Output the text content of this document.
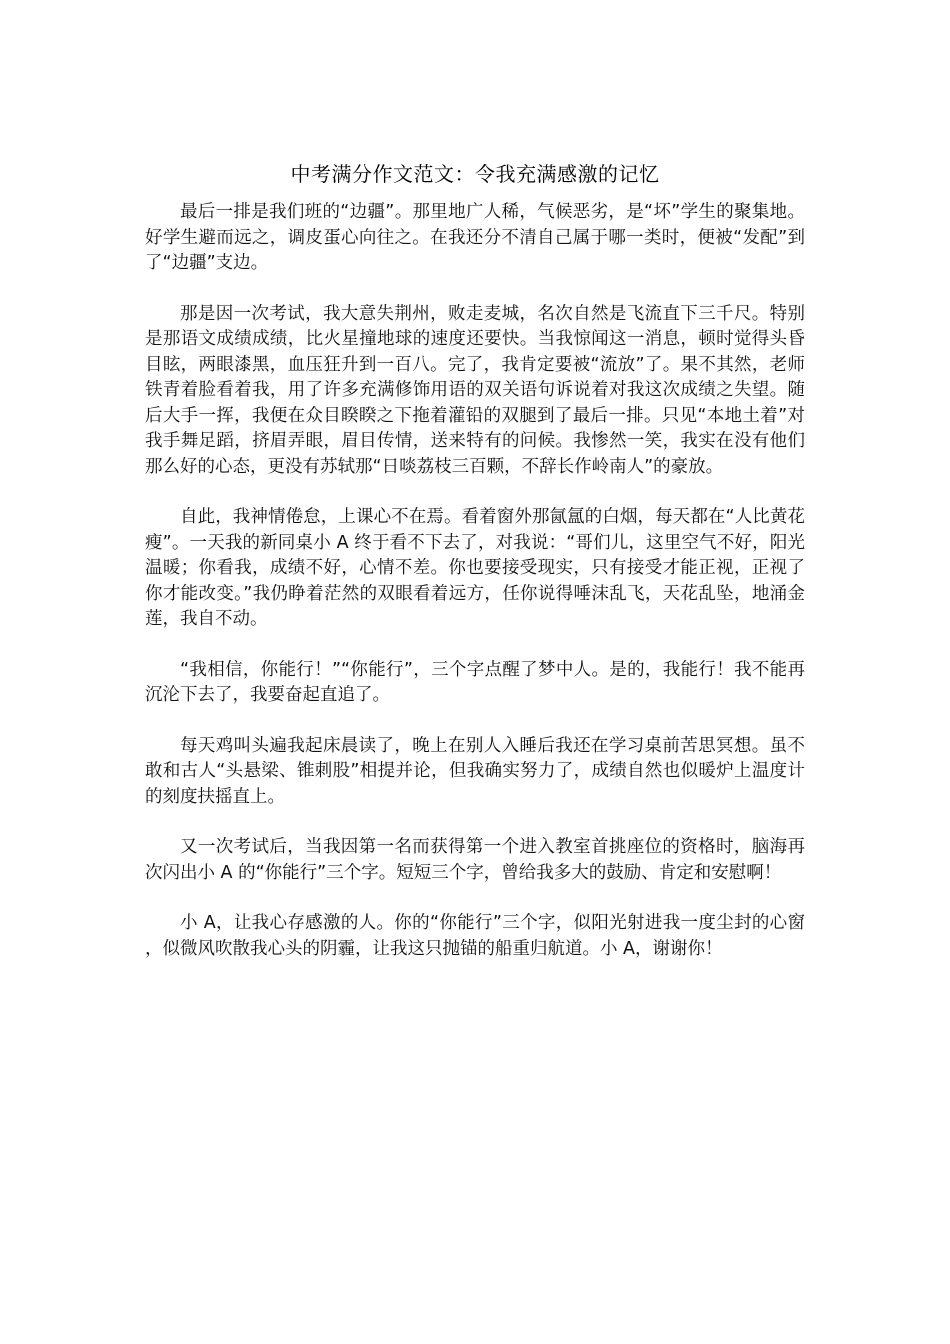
中考满分作文范文：令我充满感激的记忆

最后一排是我们班的“边疆”。那里地广人稀，气候恶劣，是“坏”学生的聚集地。好学生避而远之，调皮蛋心向往之。在我还分不清自己属于哪一类时，便被“发配”到了“边疆”支边。

那是因一次考试，我大意失荆州，败走麦城，名次自然是飞流直下三千尺。特别是那语文成绩成绩，比火星撞地球的速度还要快。当我惊闻这一消息，顿时觉得头昏目眩，两眼漆黑，血压狂升到一百八。完了，我肯定要被“流放”了。果不其然，老师铁青着脸看着我，用了许多充满修饰用语的双关语句诉说着对我这次成绩之失望。随后大手一挥，我便在众目睽睽之下拖着灌铅的双腿到了最后一排。只见“本地土着”对我手舞足蹈，挤眉弄眼，眉目传情，送来特有的问候。我惨然一笑，我实在没有他们那么好的心态，更没有苏轼那“日啖荔枝三百颗，不辞长作岭南人”的豪放。

自此，我神情倦怠，上课心不在焉。看着窗外那氤氲的白烟，每天都在“人比黄花瘦”。一天我的新同桌小 A 终于看不下去了，对我说：“哥们儿，这里空气不好，阳光温暖；你看我，成绩不好，心情不差。你也要接受现实，只有接受才能正视，正视了你才能改变。”我仍睁着茫然的双眼看着远方，任你说得唾沫乱飞，天花乱坠，地涌金莲，我自不动。

“我相信，你能行！”“你能行”，三个字点醒了梦中人。是的，我能行！我不能再沉沦下去了，我要奋起直追了。

每天鸡叫头遍我起床晨读了，晚上在别人入睡后我还在学习桌前苦思冥想。虽不敢和古人“头悬梁、锥刺股”相提并论，但我确实努力了，成绩自然也似暖炉上温度计的刻度扶摇直上。

又一次考试后，当我因第一名而获得第一个进入教室首挑座位的资格时，脑海再次闪出小 A 的“你能行”三个字。短短三个字，曾给我多大的鼓励、肯定和安慰啊！

小 A，让我心存感激的人。你的“你能行”三个字，似阳光射进我一度尘封的心窗，似微风吹散我心头的阴霾，让我这只抛锚的船重归航道。小 A，谢谢你！
